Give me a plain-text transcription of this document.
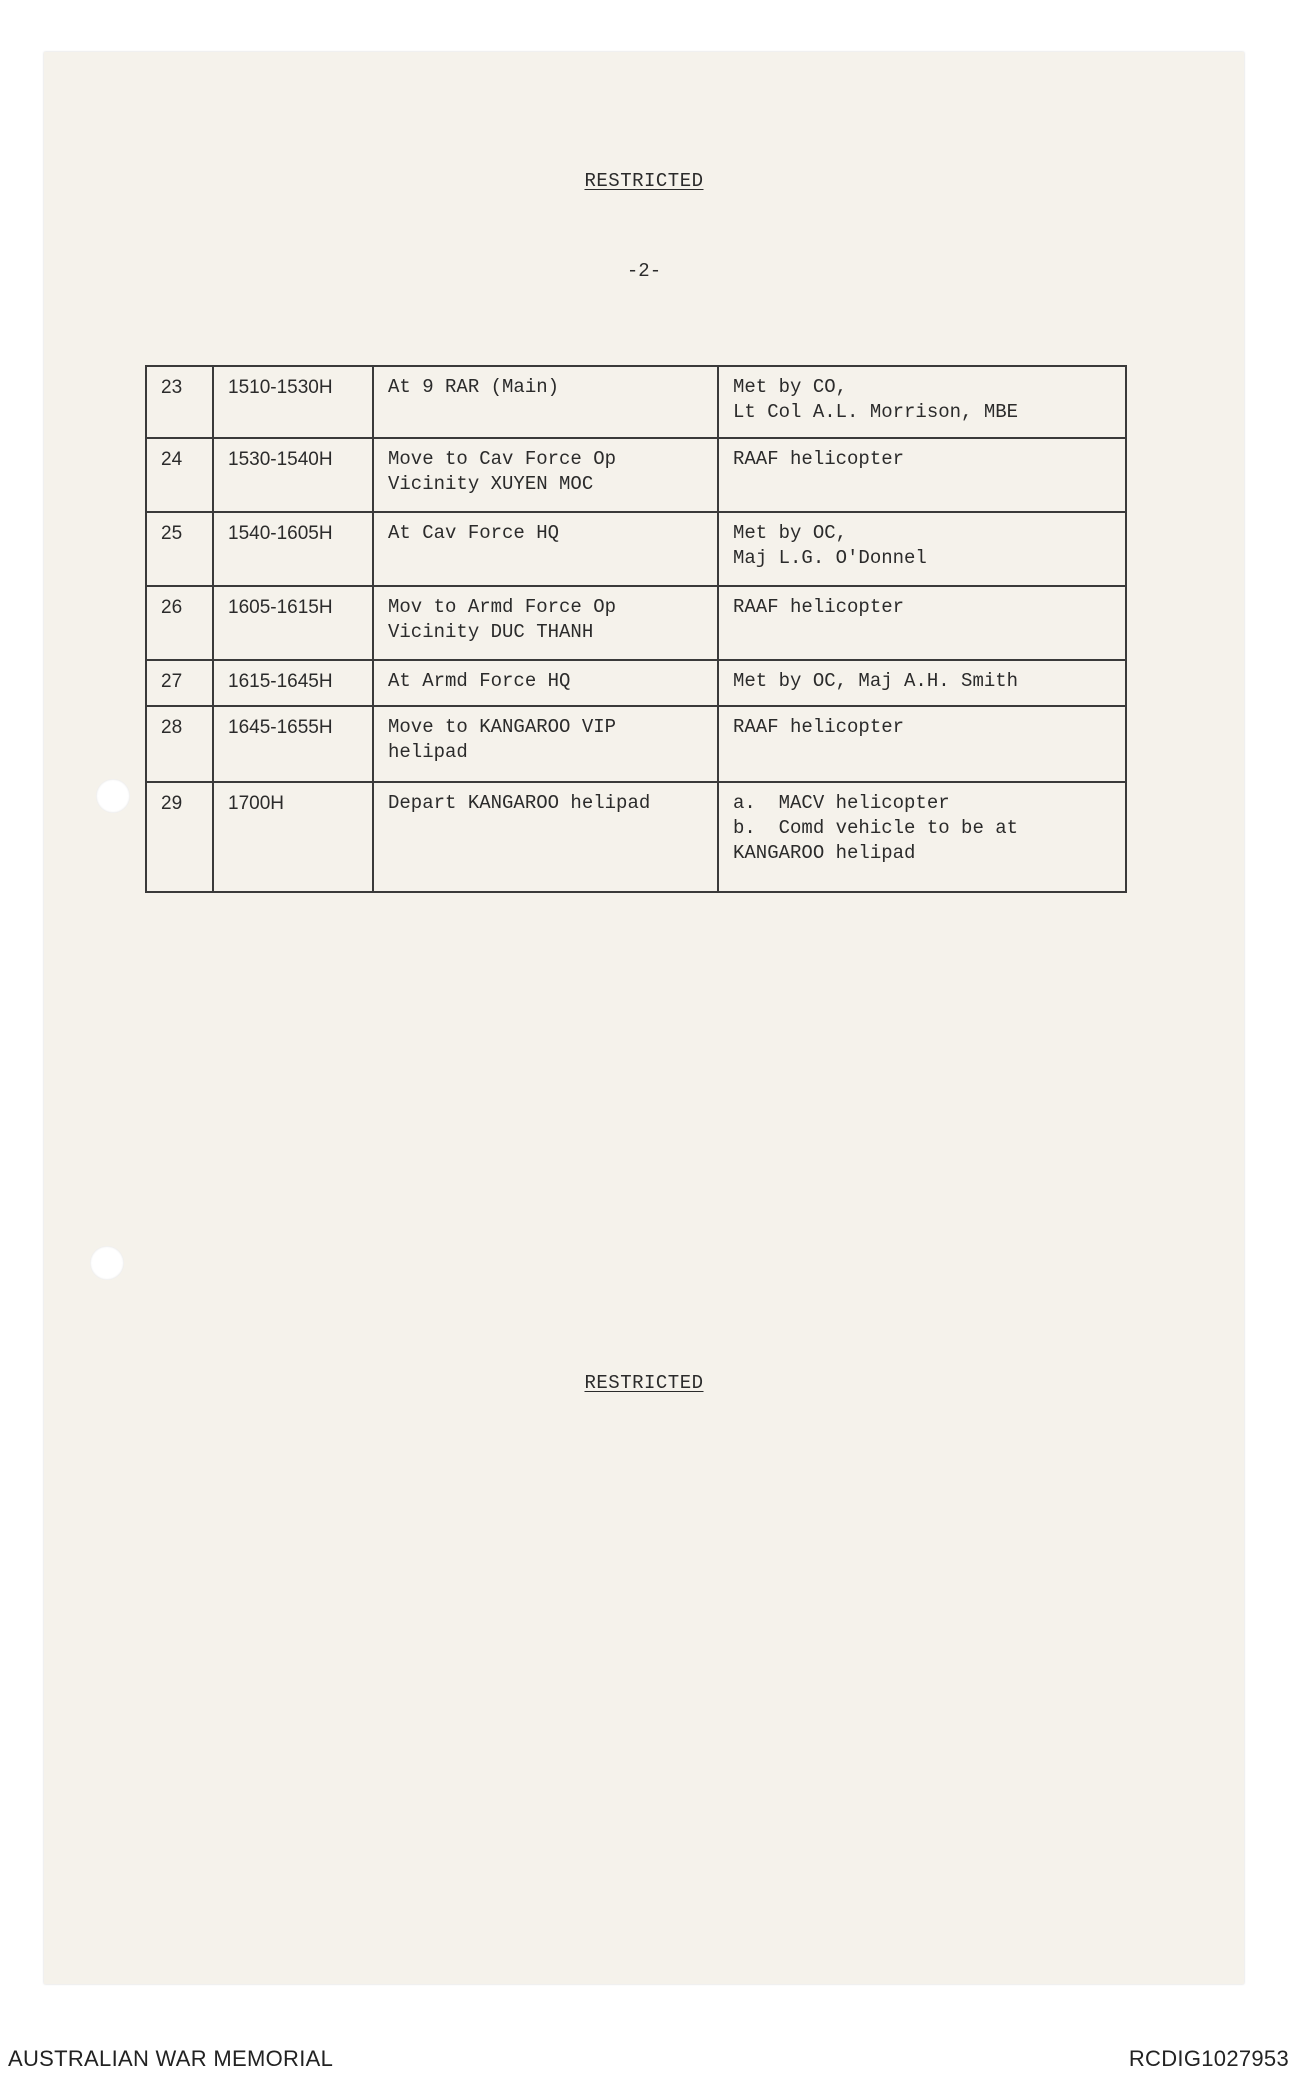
RESTRICTED
-2-
23	1510-1530H	At 9 RAR (Main)	Met by CO,
Lt Col A.L. Morrison, MBE

24	1530-1540H	Move to Cav Force Op
Vicinity XUYEN MOC	RAAF helicopter

25	1540-1605H	At Cav Force HQ	Met by OC,
Maj L.G. O'Donnel

26	1605-1615H	Mov to Armd Force Op
Vicinity DUC THANH	RAAF helicopter

27	1615-1645H	At Armd Force HQ	Met by OC, Maj A.H. Smith

28	1645-1655H	Move to KANGAROO VIP
helipad	RAAF helicopter

29	1700H	Depart KANGAROO helipad	a.  MACV helicopter
b.  Comd vehicle to be at
KANGAROO helipad
RESTRICTED
AUSTRALIAN WAR MEMORIAL	RCDIG1027953
